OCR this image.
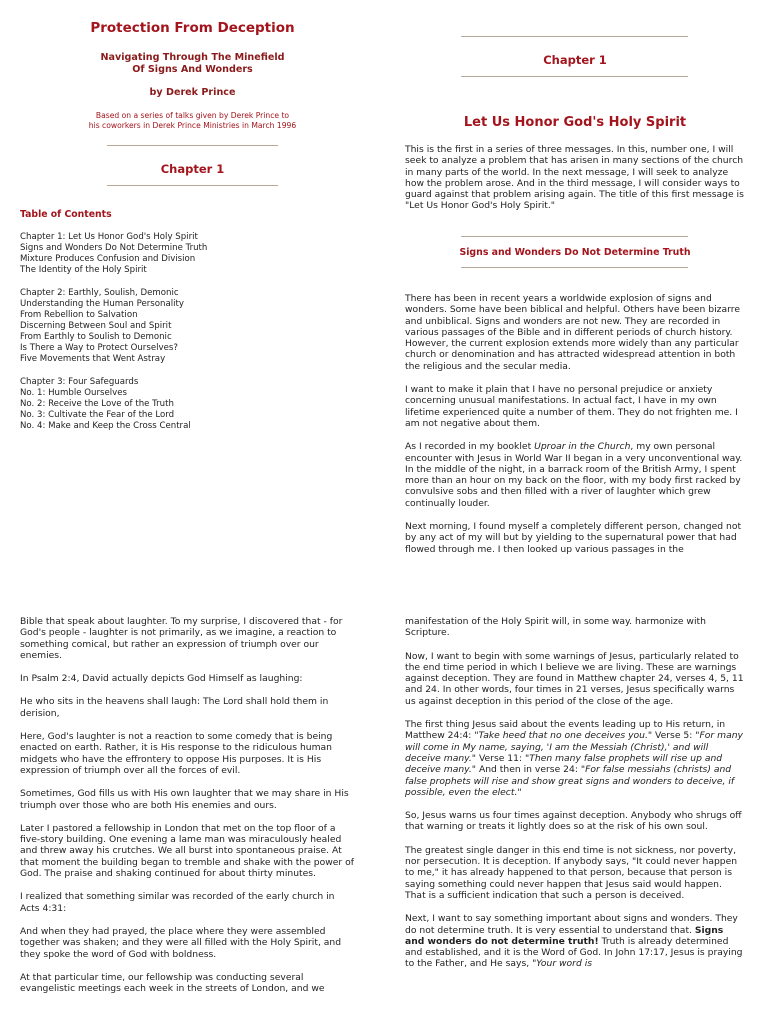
Protection From Deception
Navigating Through The Minefield
Of Signs And Wonders
by Derek Prince
Based on a series of talks given by Derek Prince to
his coworkers in Derek Prince Ministries in March 1996
Chapter 1
Table of Contents
Chapter 1: Let Us Honor God's Holy Spirit
Signs and Wonders Do Not Determine Truth
Mixture Produces Confusion and Division
The Identity of the Holy Spirit
Chapter 2: Earthly, Soulish, Demonic
Understanding the Human Personality
From Rebellion to Salvation
Discerning Between Soul and Spirit
From Earthly to Soulish to Demonic
Is There a Way to Protect Ourselves?
Five Movements that Went Astray
Chapter 3: Four Safeguards
No. 1: Humble Ourselves
No. 2: Receive the Love of the Truth
No. 3: Cultivate the Fear of the Lord
No. 4: Make and Keep the Cross Central
Chapter 1
Let Us Honor God's Holy Spirit

This is the first in a series of three messages. In this, number one, I will seek to analyze a problem that has arisen in many sections of the church in many parts of the world. In the next message, I will seek to analyze how the problem arose. And in the third message, I will consider ways to guard against that problem arising again. The title of this first message is "Let Us Honor God's Holy Spirit."

Signs and Wonders Do Not Determine Truth

There has been in recent years a worldwide explosion of signs and wonders. Some have been biblical and helpful. Others have been bizarre and unbiblical. Signs and wonders are not new. They are recorded in various passages of the Bible and in different periods of church history. However, the current explosion extends more widely than any particular church or denomination and has attracted widespread attention in both the religious and the secular media.

I want to make it plain that I have no personal prejudice or anxiety concerning unusual manifestations. In actual fact, I have in my own lifetime experienced quite a number of them. They do not frighten me. I am not negative about them.

As I recorded in my booklet Uproar in the Church, my own personal encounter with Jesus in World War II began in a very unconventional way. In the middle of the night, in a barrack room of the British Army, I spent more than an hour on my back on the floor, with my body first racked by convulsive sobs and then filled with a river of laughter which grew continually louder.

Next morning, I found myself a completely different person, changed not by any act of my will but by yielding to the supernatural power that had flowed through me. I then looked up various passages in the

Bible that speak about laughter. To my surprise, I discovered that - for God's people - laughter is not primarily, as we imagine, a reaction to something comical, but rather an expression of triumph over our enemies.

In Psalm 2:4, David actually depicts God Himself as laughing:

He who sits in the heavens shall laugh: The Lord shall hold them in derision,

Here, God's laughter is not a reaction to some comedy that is being enacted on earth. Rather, it is His response to the ridiculous human midgets who have the effrontery to oppose His purposes. It is His expression of triumph over all the forces of evil.

Sometimes, God fills us with His own laughter that we may share in His triumph over those who are both His enemies and ours.

Later I pastored a fellowship in London that met on the top floor of a five-story building. One evening a lame man was miraculously healed and threw away his crutches. We all burst into spontaneous praise. At that moment the building began to tremble and shake with the power of God. The praise and shaking continued for about thirty minutes.

I realized that something similar was recorded of the early church in Acts 4:31:

And when they had prayed, the place where they were assembled together was shaken; and they were all filled with the Holy Spirit, and they spoke the word of God with boldness.

At that particular time, our fellowship was conducting several evangelistic meetings each week in the streets of London, and we

manifestation of the Holy Spirit will, in some way. harmonize with Scripture.

Now, I want to begin with some warnings of Jesus, particularly related to the end time period in which I believe we are living. These are warnings against deception. They are found in Matthew chapter 24, verses 4, 5, 11 and 24. In other words, four times in 21 verses, Jesus specifically warns us against deception in this period of the close of the age.

The first thing Jesus said about the events leading up to His return, in Matthew 24:4: "Take heed that no one deceives you." Verse 5: "For many will come in My name, saying, 'I am the Messiah (Christ),' and will deceive many." Verse 11: "Then many false prophets will rise up and deceive many." And then in verse 24: "For false messiahs (christs) and false prophets will rise and show great signs and wonders to deceive, if possible, even the elect."

So, Jesus warns us four times against deception. Anybody who shrugs off that warning or treats it lightly does so at the risk of his own soul.

The greatest single danger in this end time is not sickness, nor poverty, nor persecution. It is deception. If anybody says, "It could never happen to me," it has already happened to that person, because that person is saying something could never happen that Jesus said would happen. That is a sufficient indication that such a person is deceived.

Next, I want to say something important about signs and wonders. They do not determine truth. It is very essential to understand that. Signs and wonders do not determine truth! Truth is already determined and established, and it is the Word of God. In John 17:17, Jesus is praying to the Father, and He says, "Your word is
